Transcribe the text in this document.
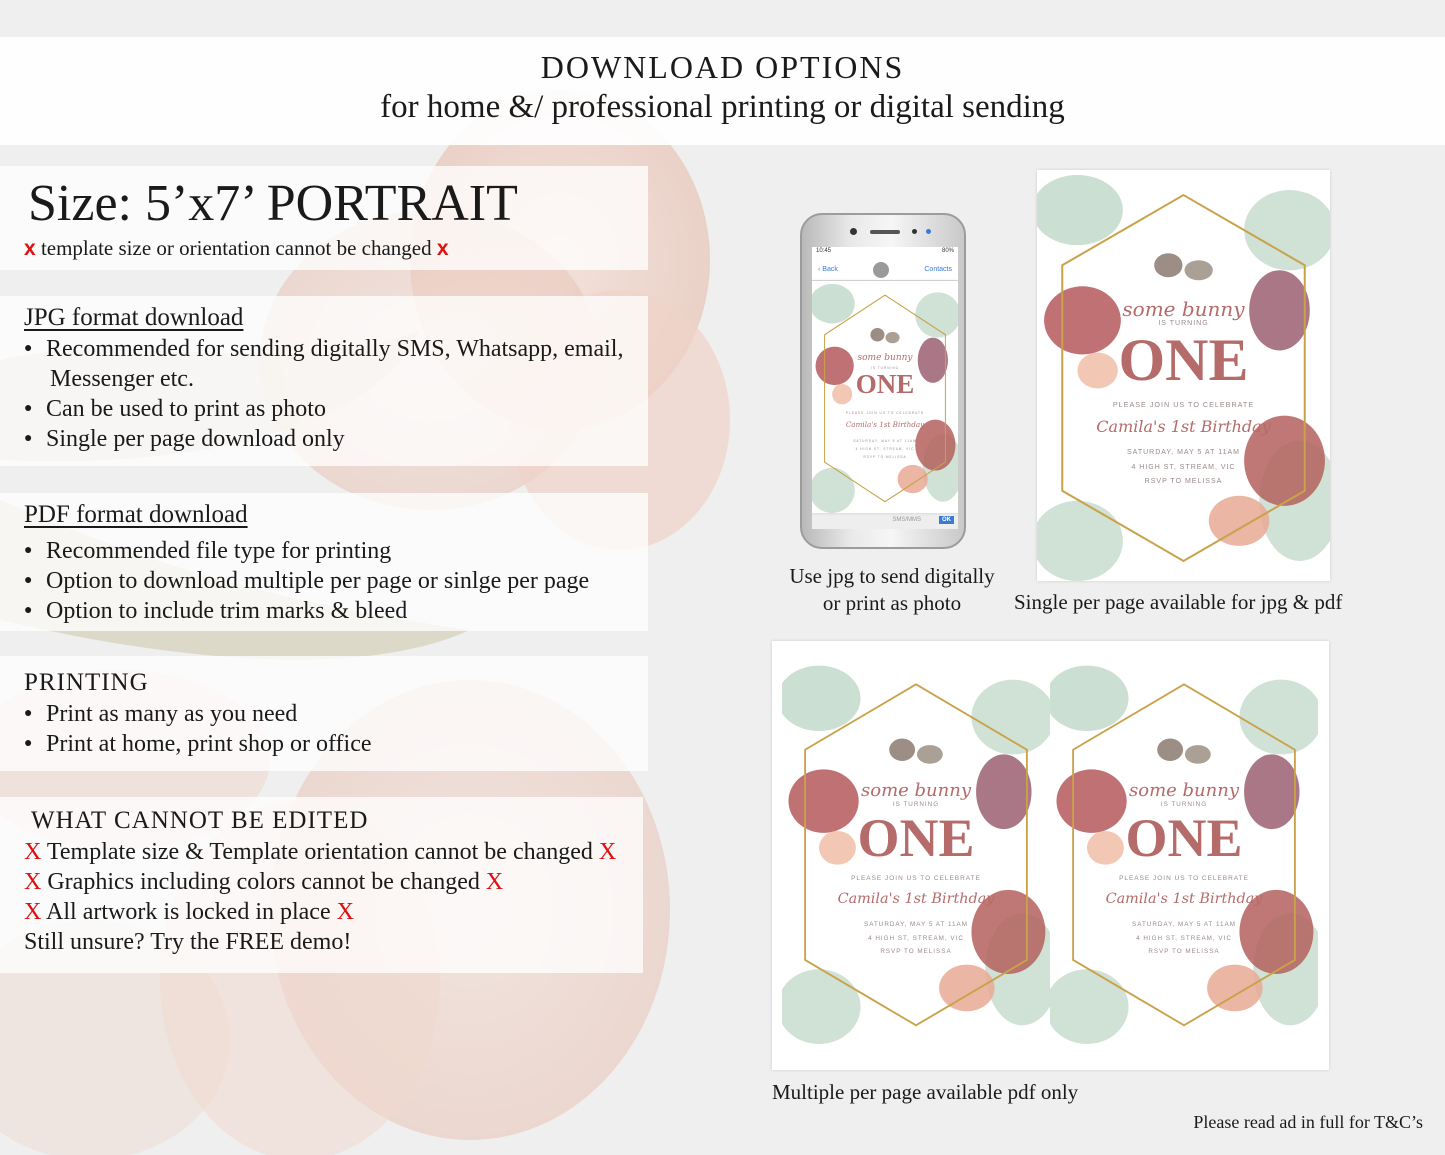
DOWNLOAD OPTIONS
for home &/ professional printing or digital sending
Size: 5’x7’ PORTRAIT
x template size or orientation cannot be changed x
JPG format download
● Recommended for sending digitally SMS, Whatsapp, email,
Messenger etc.
● Can be used to print as photo
● Single per page download only
PDF format download
● Recommended file type for printing
● Option to download multiple per page or sinlge per page
● Option to include trim marks & bleed
PRINTING
● Print as many as you need
● Print at home, print shop or office
WHAT CANNOT BE EDITED
X Template size & Template orientation cannot be changed X
X Graphics including colors cannot be changed X
X All artwork is locked in place X
Still unsure? Try the FREE demo!
10:45	80%
‹ Back	Contacts
some bunny
IS TURNING
ONE
PLEASE JOIN US TO CELEBRATE
Camila's 1st Birthday
SATURDAY, MAY 5 AT 11AM
4 HIGH ST, STREAM, VIC
RSVP TO MELISSA
SMS/MMS	OK
Use jpg to send digitally
or print as photo
some bunny
IS TURNING
ONE
PLEASE JOIN US TO CELEBRATE
Camila's 1st Birthday
SATURDAY, MAY 5 AT 11AM
4 HIGH ST, STREAM, VIC
RSVP TO MELISSA
Single per page available for jpg & pdf
some bunny
IS TURNING
ONE
PLEASE JOIN US TO CELEBRATE
Camila's 1st Birthday
SATURDAY, MAY 5 AT 11AM
4 HIGH ST, STREAM, VIC
RSVP TO MELISSA
some bunny
IS TURNING
ONE
PLEASE JOIN US TO CELEBRATE
Camila's 1st Birthday
SATURDAY, MAY 5 AT 11AM
4 HIGH ST, STREAM, VIC
RSVP TO MELISSA
Multiple per page available pdf only
Please read ad in full for T&C’s
